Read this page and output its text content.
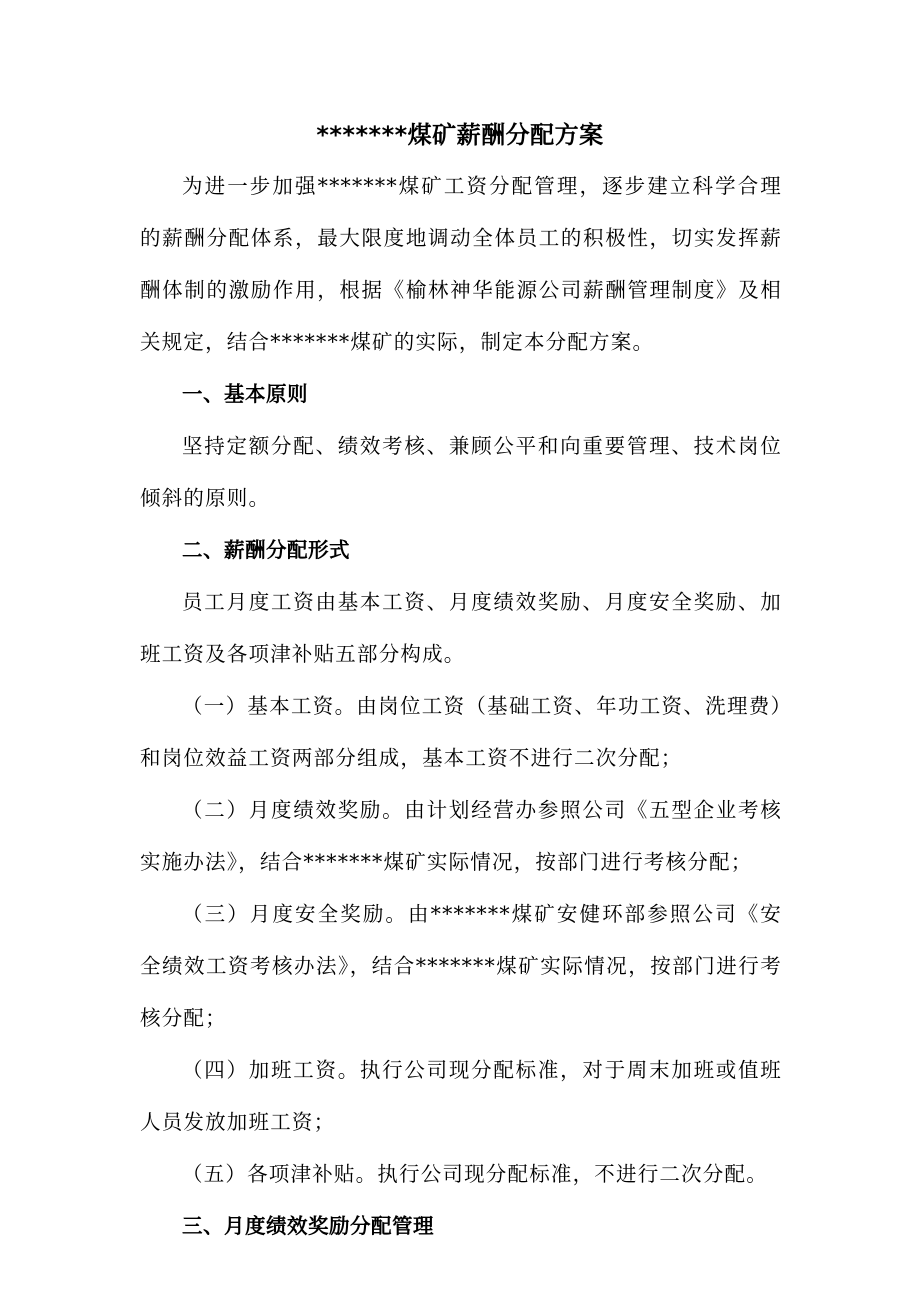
*******煤矿薪酬分配方案

为进一步加强*******煤矿工资分配管理，逐步建立科学合理的薪酬分配体系，最大限度地调动全体员工的积极性，切实发挥薪酬体制的激励作用，根据《榆林神华能源公司薪酬管理制度》及相关规定，结合*******煤矿的实际，制定本分配方案。

一、基本原则

坚持定额分配、绩效考核、兼顾公平和向重要管理、技术岗位倾斜的原则。

二、薪酬分配形式

员工月度工资由基本工资、月度绩效奖励、月度安全奖励、加班工资及各项津补贴五部分构成。

（一）基本工资。由岗位工资（基础工资、年功工资、洗理费）和岗位效益工资两部分组成，基本工资不进行二次分配；

（二）月度绩效奖励。由计划经营办参照公司《五型企业考核实施办法》，结合*******煤矿实际情况，按部门进行考核分配；

（三）月度安全奖励。由*******煤矿安健环部参照公司《安全绩效工资考核办法》，结合*******煤矿实际情况，按部门进行考核分配；

（四）加班工资。执行公司现分配标准，对于周末加班或值班人员发放加班工资；

（五）各项津补贴。执行公司现分配标准，不进行二次分配。

三、月度绩效奖励分配管理
